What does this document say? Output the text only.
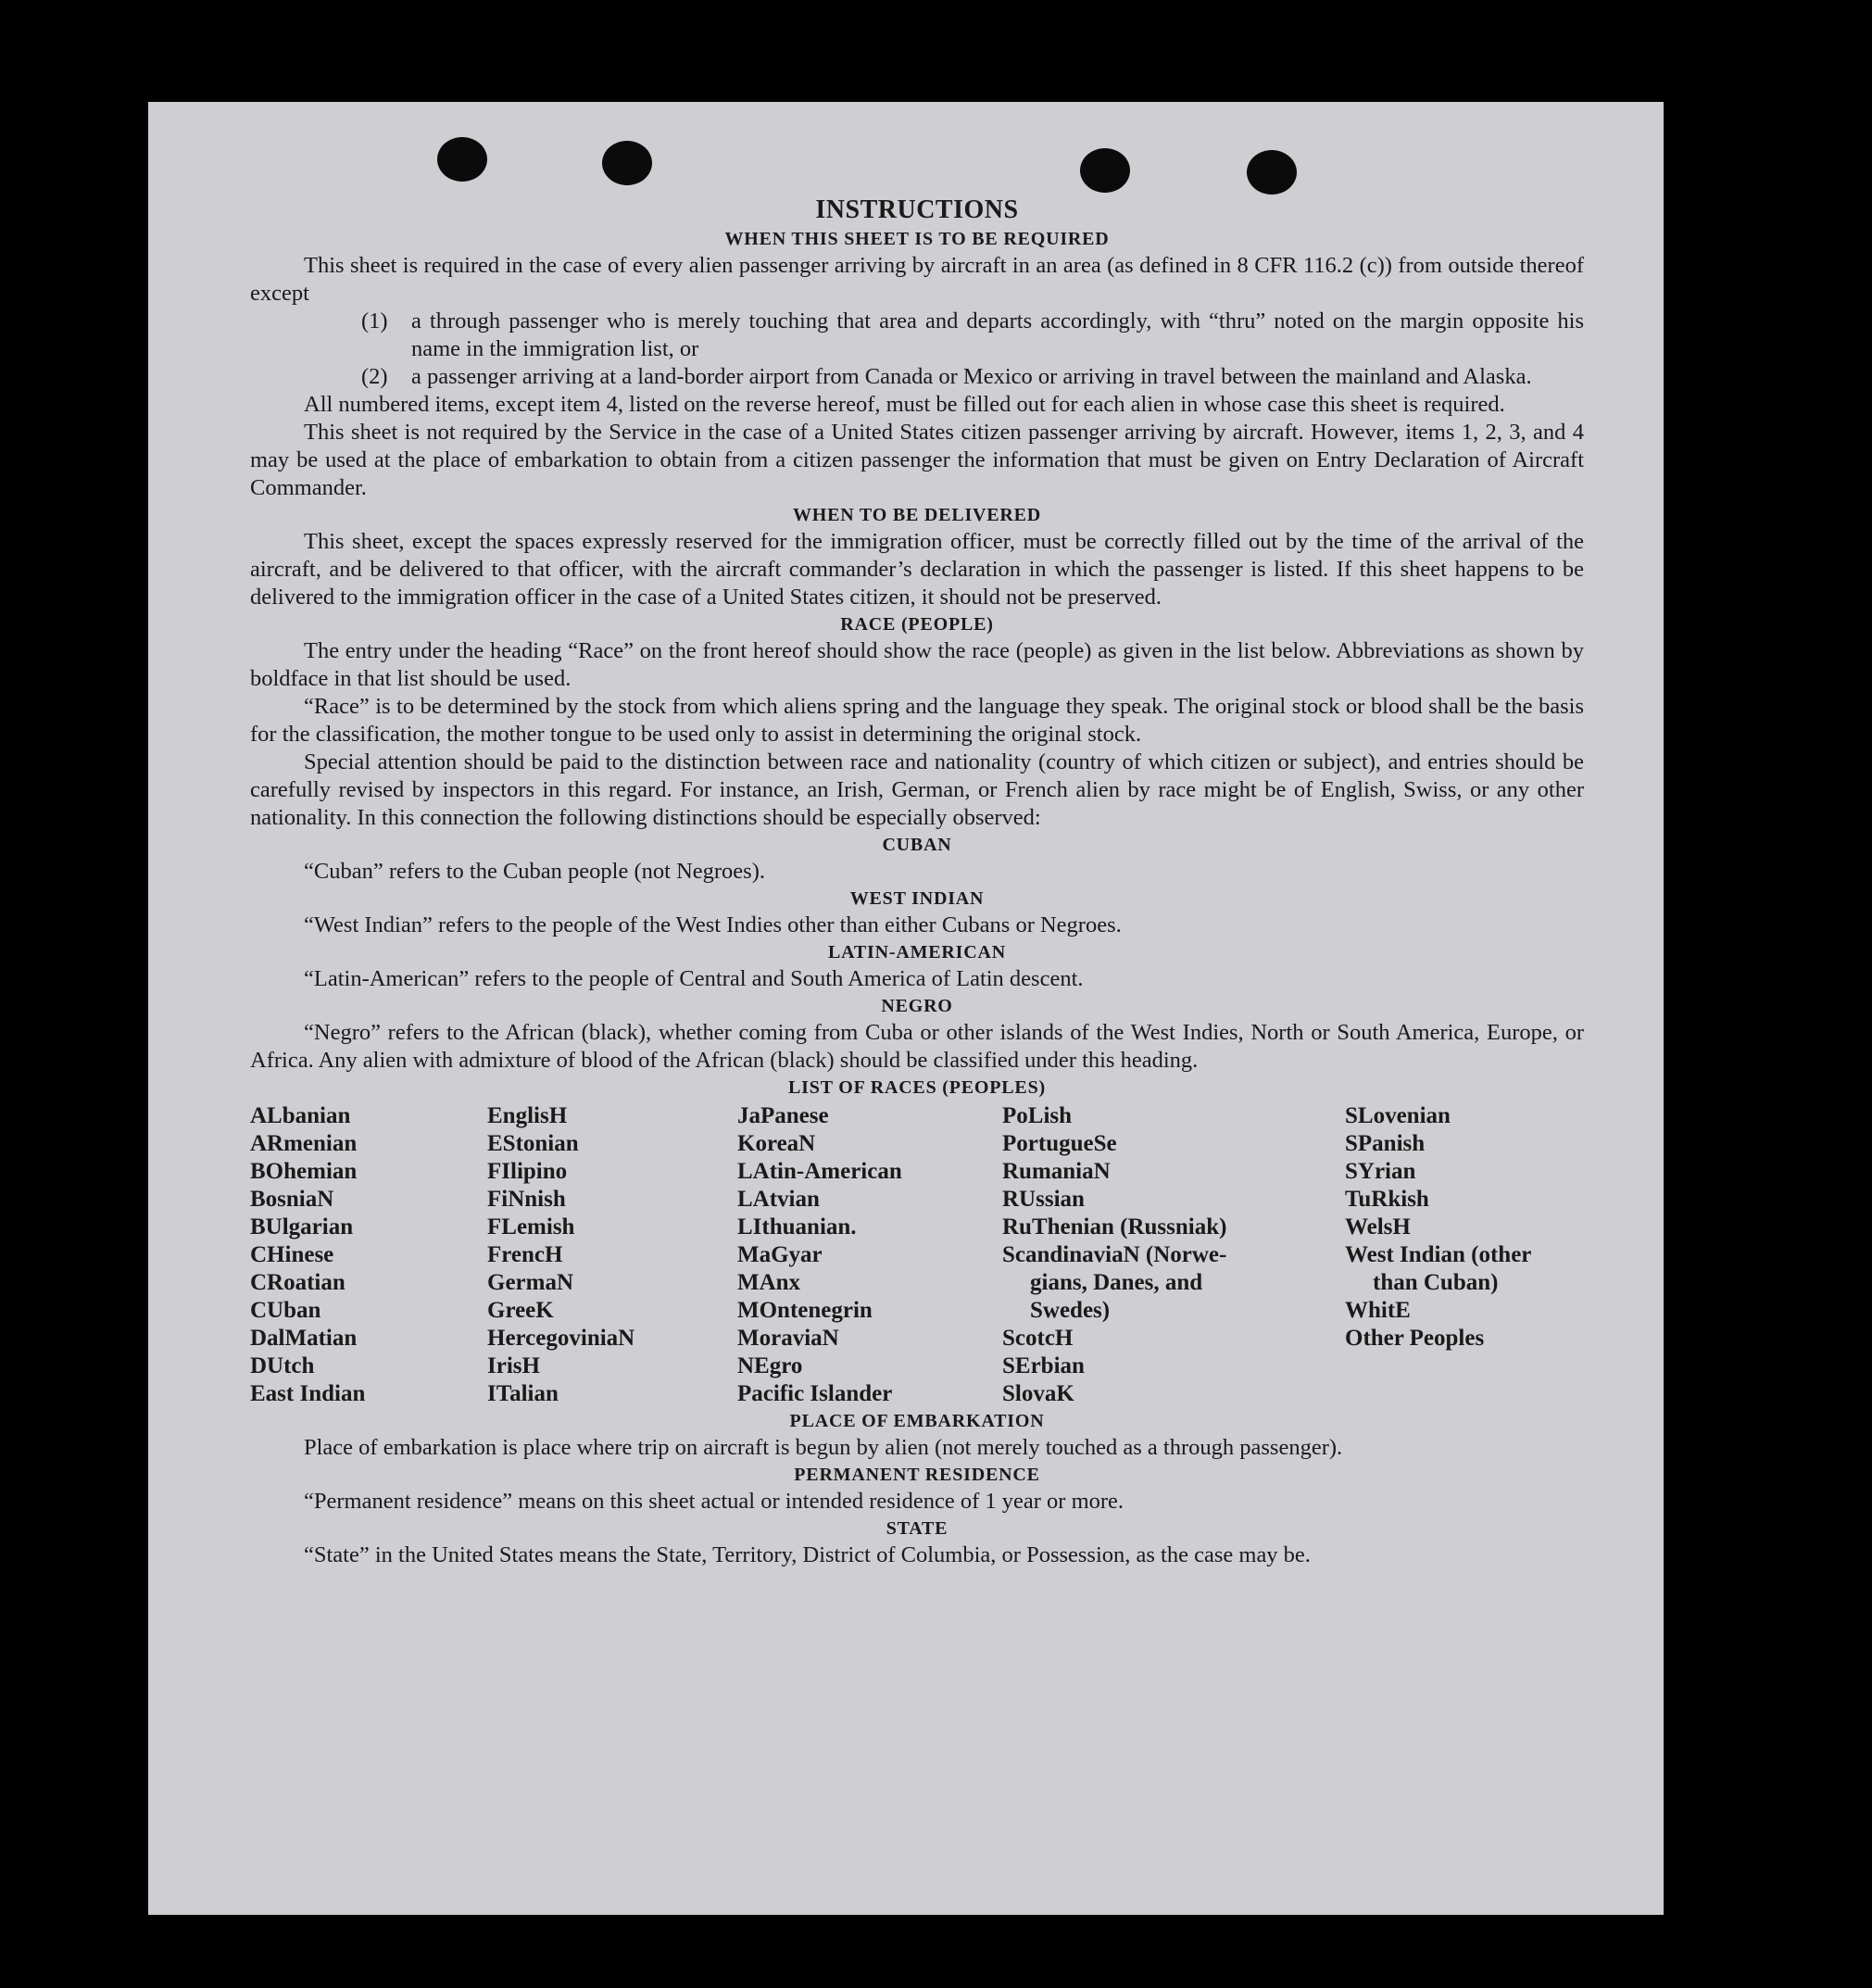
INSTRUCTIONS
WHEN THIS SHEET IS TO BE REQUIRED

This sheet is required in the case of every alien passenger arriving by aircraft in an area (as defined in 8 CFR 116.2 (c)) from outside thereof except

(1)	a through passenger who is merely touching that area and departs accordingly, with “thru” noted on the margin opposite his name in the immigration list, or
(2)	a passenger arriving at a land-border airport from Canada or Mexico or arriving in travel between the mainland and Alaska.

All numbered items, except item 4, listed on the reverse hereof, must be filled out for each alien in whose case this sheet is required.

This sheet is not required by the Service in the case of a United States citizen passenger arriving by aircraft. However, items 1, 2, 3, and 4 may be used at the place of embarkation to obtain from a citizen passenger the information that must be given on Entry Declaration of Aircraft Commander.

WHEN TO BE DELIVERED

This sheet, except the spaces expressly reserved for the immigration officer, must be correctly filled out by the time of the arrival of the aircraft, and be delivered to that officer, with the aircraft commander’s declaration in which the passenger is listed. If this sheet happens to be delivered to the immigration officer in the case of a United States citizen, it should not be preserved.

RACE (PEOPLE)

The entry under the heading “Race” on the front hereof should show the race (people) as given in the list below. Abbreviations as shown by boldface in that list should be used.

“Race” is to be determined by the stock from which aliens spring and the language they speak. The original stock or blood shall be the basis for the classification, the mother tongue to be used only to assist in determining the original stock.

Special attention should be paid to the distinction between race and nationality (country of which citizen or subject), and entries should be carefully revised by inspectors in this regard. For instance, an Irish, German, or French alien by race might be of English, Swiss, or any other nationality. In this connection the following distinctions should be especially observed:

CUBAN

“Cuban” refers to the Cuban people (not Negroes).

WEST INDIAN

“West Indian” refers to the people of the West Indies other than either Cubans or Negroes.

LATIN-AMERICAN

“Latin-American” refers to the people of Central and South America of Latin descent.

NEGRO

“Negro” refers to the African (black), whether coming from Cuba or other islands of the West Indies, North or South America, Europe, or Africa. Any alien with admixture of blood of the African (black) should be classified under this heading.

LIST OF RACES (PEOPLES)
ALbanian
ARmenian
BOhemian
BosniaN
BUlgarian
CHinese
CRoatian
CUban
DalMatian
DUtch
East Indian
EnglisH
EStonian
FIlipino
FiNnish
FLemish
FrencH
GermaN
GreeK
HercegoviniaN
IrisH
ITalian
JaPanese
KoreaN
LAtin-American
LAtvian
LIthuanian.
MaGyar
MAnx
MOntenegrin
MoraviaN
NEgro
Pacific Islander
PoLish
PortugueSe
RumaniaN
RUssian
RuThenian (Russniak)
ScandinaviaN (Norwe-
gians, Danes, and
Swedes)
ScotcH
SErbian
SlovaK
SLovenian
SPanish
SYrian
TuRkish
WelsH
West Indian (other
than Cuban)
WhitE
Other Peoples
PLACE OF EMBARKATION

Place of embarkation is place where trip on aircraft is begun by alien (not merely touched as a through passenger).

PERMANENT RESIDENCE

“Permanent residence” means on this sheet actual or intended residence of 1 year or more.

STATE

“State” in the United States means the State, Territory, District of Columbia, or Possession, as the case may be.
